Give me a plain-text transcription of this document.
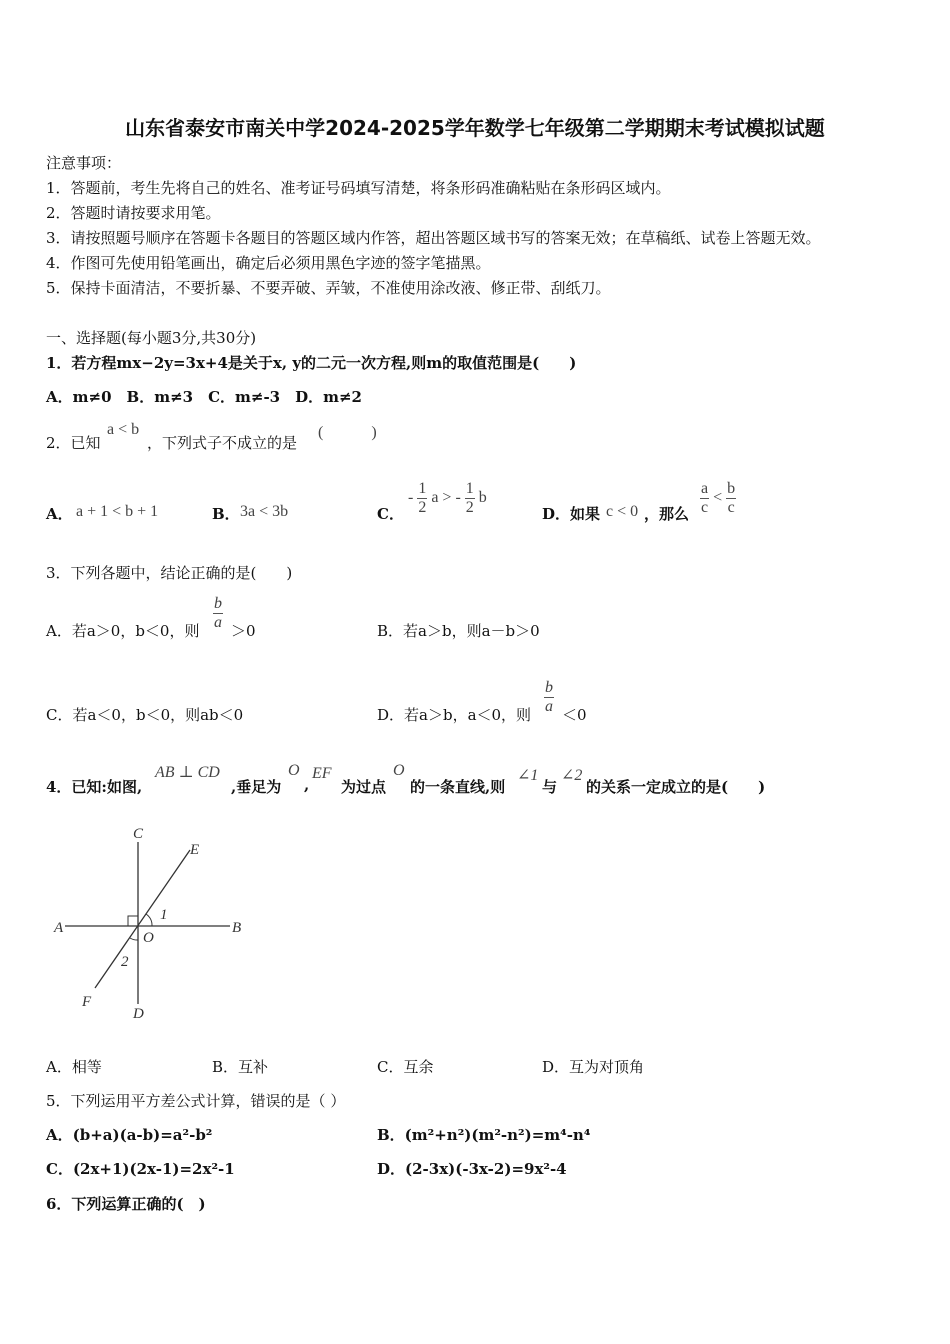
山东省泰安市南关中学2024-2025学年数学七年级第二学期期末考试模拟试题
注意事项：
1．答题前，考生先将自己的姓名、准考证号码填写清楚，将条形码准确粘贴在条形码区域内。
2．答题时请按要求用笔。
3．请按照题号顺序在答题卡各题目的答题区域内作答，超出答题区域书写的答案无效；在草稿纸、试卷上答题无效。
4．作图可先使用铅笔画出，确定后必须用黑色字迹的签字笔描黑。
5．保持卡面清洁，不要折暴、不要弄破、弄皱，不准使用涂改液、修正带、刮纸刀。
一、选择题(每小题3分,共30分)
1．若方程mx−2y=3x+4是关于x, y的二元一次方程,则m的取值范围是(　　)
A．m≠0　B．m≠3　C．m≠-3　D．m≠2
2．已知
a < b
，下列式子不成立的是
(　　　)
A． a + 1 < b + 1	B． 3a < 3b	C．
- $\frac{1}{2}$ a > - $\frac{1}{2}$ b
D．如果 c < 0 ，那么 $\frac{a}{c} < \frac{b}{c}$
3．下列各题中，结论正确的是(　　)
A．若a＞0，b＜0，则 $\frac{b}{a} >0$	B．若a＞b，则a－b＞0
C．若a＜0，b＜0，则ab＜0	D．若a＞b，a＜0，则 $\frac{b}{a} <0$
4．已知:如图,
AB ⊥ CD
,垂足为
O
,
EF
为过点
O
的一条直线,则
∠1
与
∠2
的关系一定成立的是(　　)
C
E
A	B
O
1
2
F
D
A．相等	B．互补	C．互余	D．互为对顶角
5．下列运用平方差公式计算，错误的是（ ）
A．(b+a)(a-b)=a²-b²	B．(m²+n²)(m²-n²)=m⁴-n⁴
C．(2x+1)(2x-1)=2x²-1	D．(2-3x)(-3x-2)=9x²-4
6．下列运算正确的(　)
